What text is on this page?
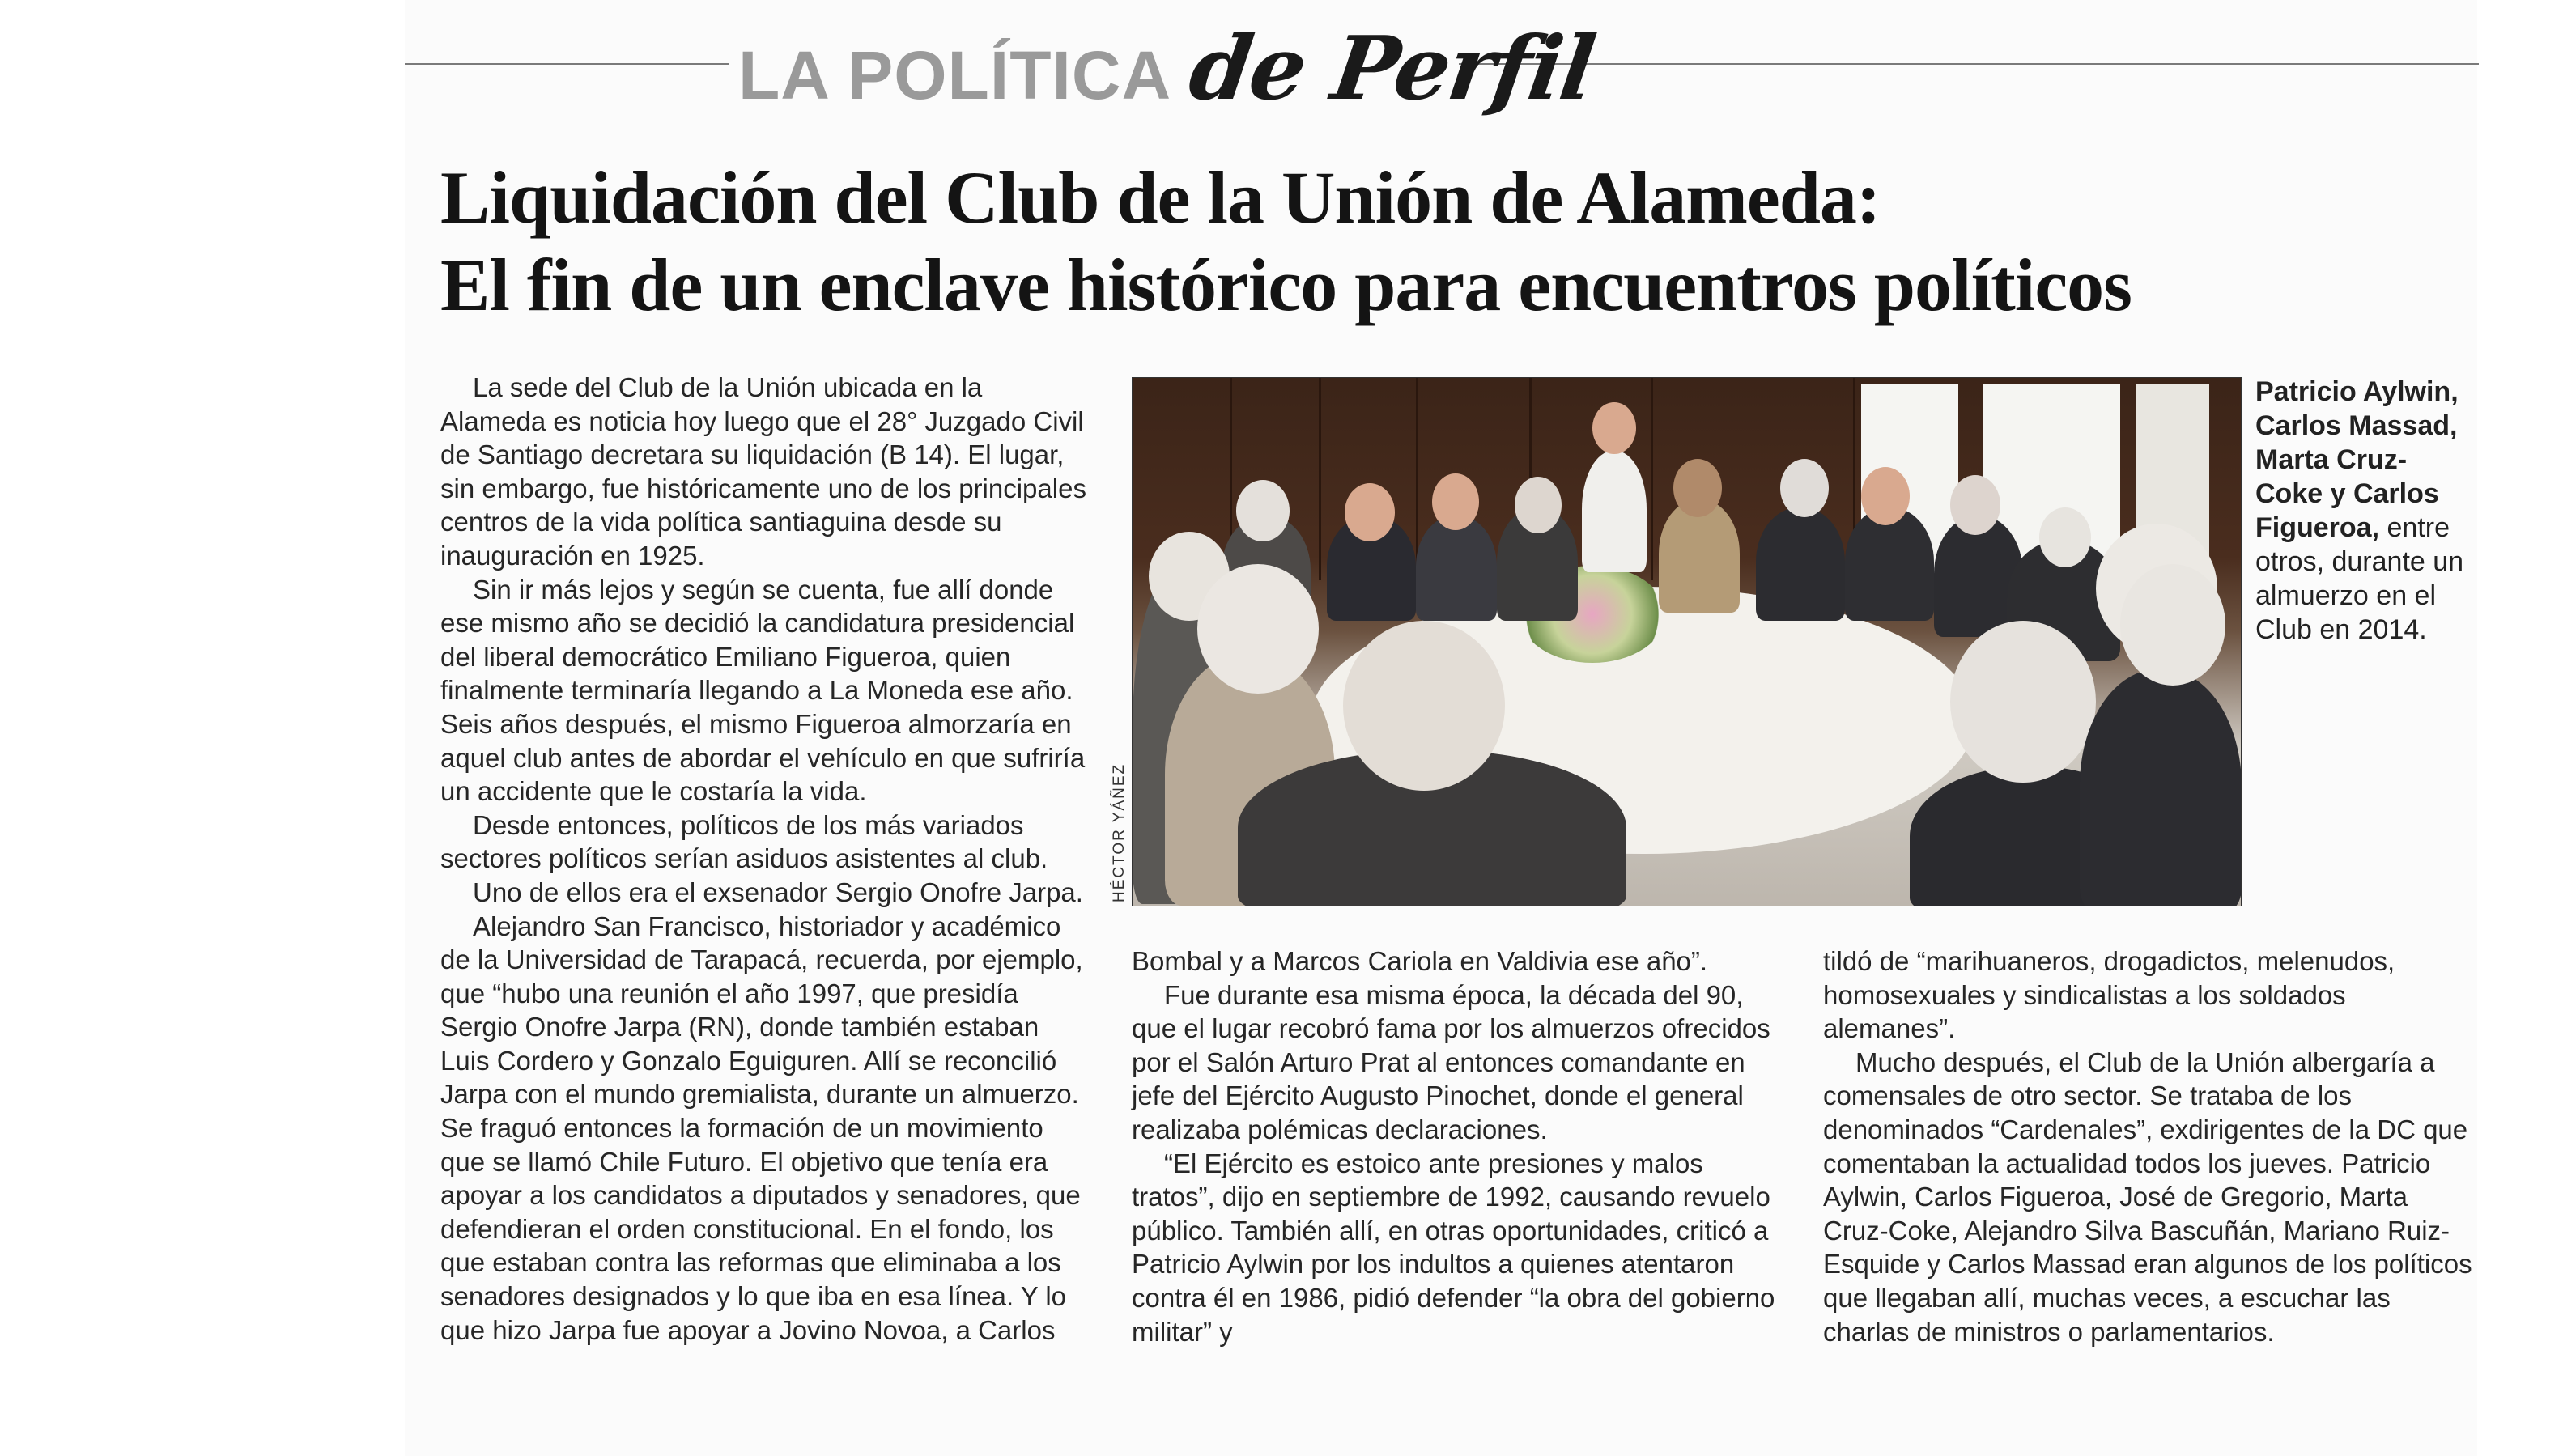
LA POLÍTICA de Perfil
Liquidación del Club de la Unión de Alameda:
El fin de un enclave histórico para encuentros políticos

La sede del Club de la Unión ubicada en la Alameda es noticia hoy luego que el 28° Juzgado Civil de Santiago decretara su liquidación (B 14). El lugar, sin embargo, fue históricamente uno de los principales centros de la vida política santiaguina desde su inauguración en 1925.

Sin ir más lejos y según se cuenta, fue allí donde ese mismo año se decidió la candidatura presidencial del liberal democrático Emiliano Figueroa, quien finalmente terminaría llegando a La Moneda ese año. Seis años después, el mismo Figueroa almorzaría en aquel club antes de abordar el vehículo en que sufriría un accidente que le costaría la vida.

Desde entonces, políticos de los más variados sectores políticos serían asiduos asistentes al club.

Uno de ellos era el exsenador Sergio Onofre Jarpa.

Alejandro San Francisco, historiador y académico de la Universidad de Tarapacá, recuerda, por ejemplo, que “hubo una reunión el año 1997, que presidía Sergio Onofre Jarpa (RN), donde también estaban Luis Cordero y Gonzalo Eguiguren. Allí se reconcilió Jarpa con el mundo gremialista, durante un almuerzo. Se fraguó entonces la formación de un movimiento que se llamó Chile Futuro. El objetivo que tenía era apoyar a los candidatos a diputados y senadores, que defendieran el orden constitucional. En el fondo, los que estaban contra las reformas que eliminaba a los senadores designados y lo que iba en esa línea. Y lo que hizo Jarpa fue apoyar a Jovino Novoa, a Carlos

HÉCTOR YÁÑEZ
Patricio Aylwin, Carlos Massad, Marta Cruz-Coke y Carlos Figueroa, entre otros, durante un almuerzo en el Club en 2014.

Bombal y a Marcos Cariola en Valdivia ese año”.

Fue durante esa misma época, la década del 90, que el lugar recobró fama por los almuerzos ofrecidos por el Salón Arturo Prat al entonces comandante en jefe del Ejército Augusto Pinochet, donde el general realizaba polémicas declaraciones.

“El Ejército es estoico ante presiones y malos tratos”, dijo en septiembre de 1992, causando revuelo público. También allí, en otras oportunidades, criticó a Patricio Aylwin por los indultos a quienes atentaron contra él en 1986, pidió defender “la obra del gobierno militar” y

tildó de “marihuaneros, drogadictos, melenudos, homosexuales y sindicalistas a los soldados alemanes”.

Mucho después, el Club de la Unión albergaría a comensales de otro sector. Se trataba de los denominados “Cardenales”, exdirigentes de la DC que comentaban la actualidad todos los jueves. Patricio Aylwin, Carlos Figueroa, José de Gregorio, Marta Cruz-Coke, Alejandro Silva Bascuñán, Mariano Ruiz-Esquide y Carlos Massad eran algunos de los políticos que llegaban allí, muchas veces, a escuchar las charlas de ministros o parlamentarios.
